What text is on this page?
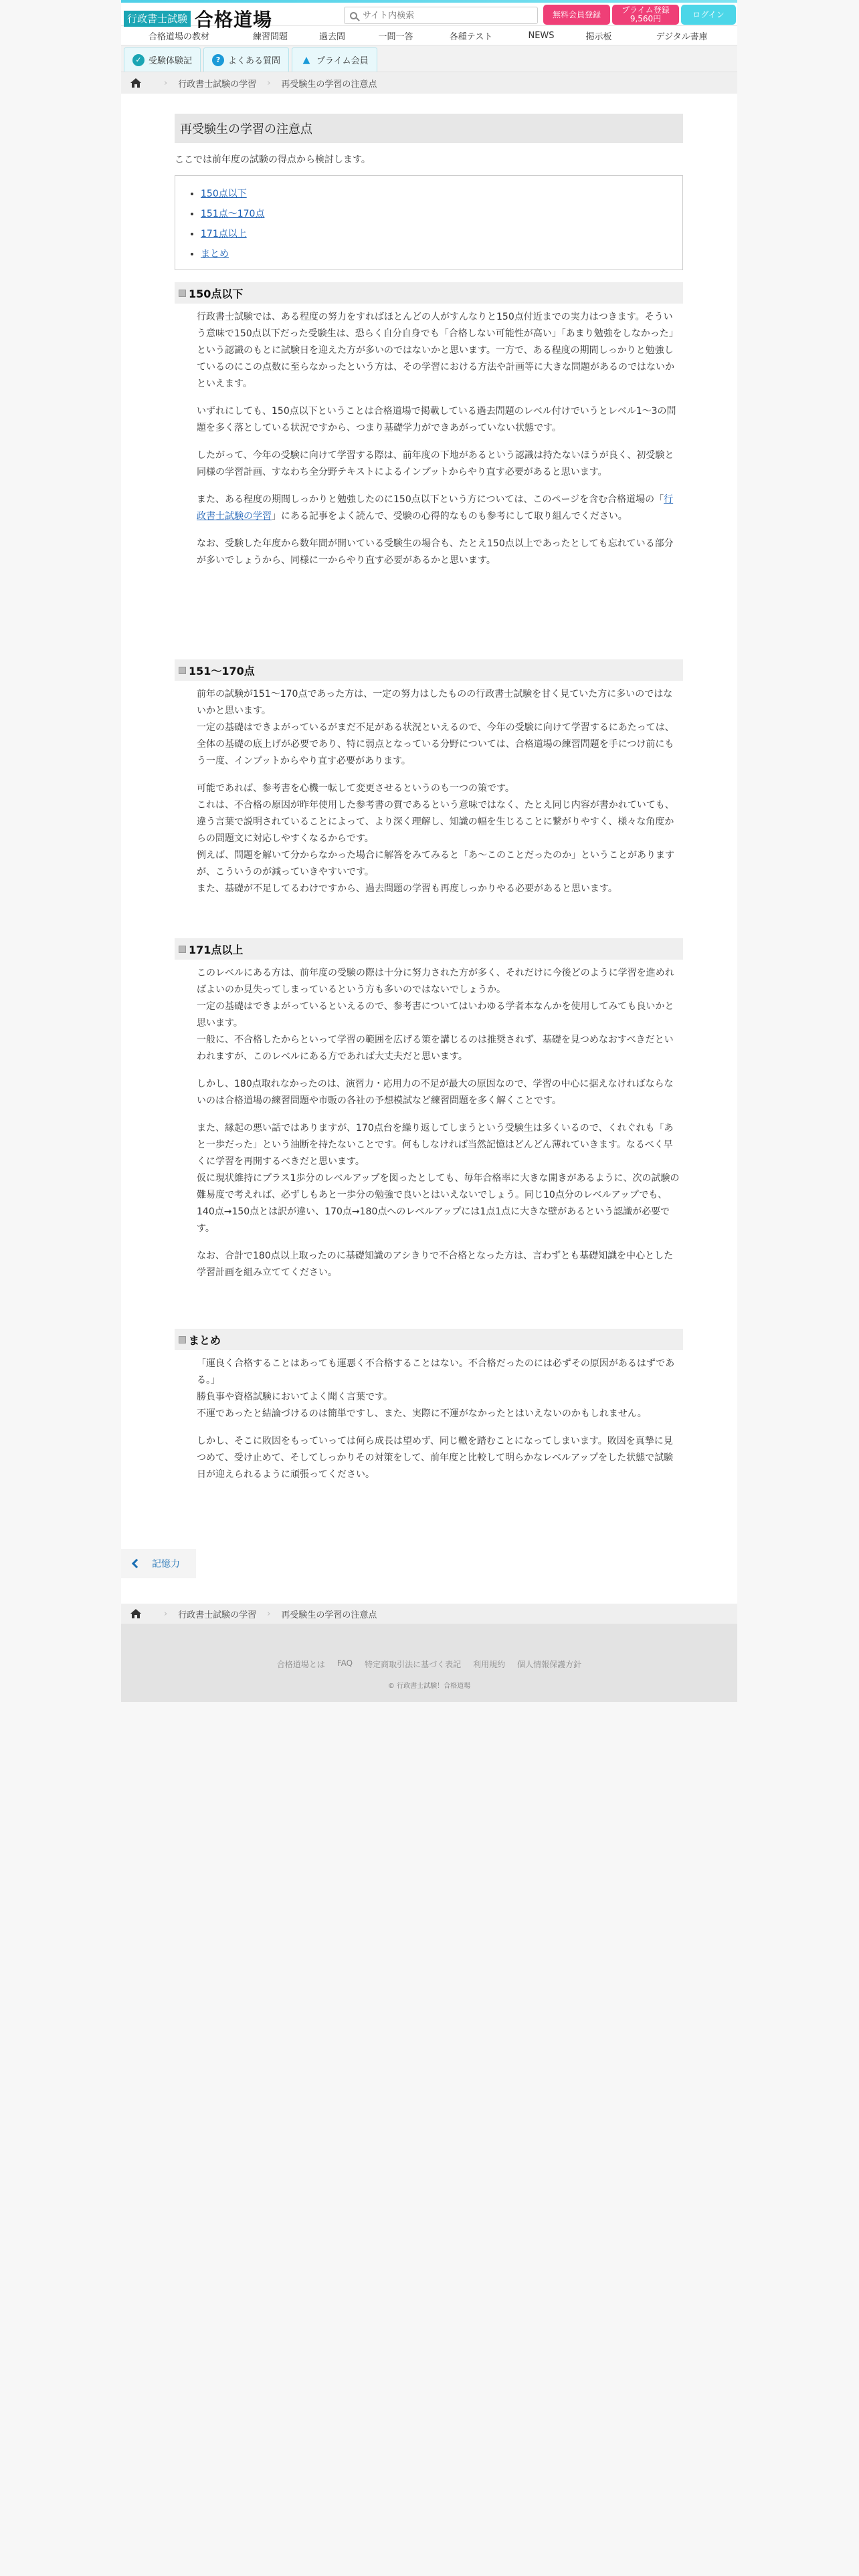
行政書士試験 合格道場
サイト内検索	無料会員登録	プライム登録
9,560円	ログイン
合格道場の教材	練習問題	過去問	一問一答	各種テスト	NEWS	掲示板	デジタル書庫
✓ 受験体験記	? よくある質問 ▲ プライム会員
› 行政書士試験の学習 › 再受験生の学習の注意点
再受験生の学習の注意点
ここでは前年度の試験の得点から検討します。
• 150点以下
• 151点〜170点
• 171点以上
• まとめ
150点以下

行政書士試験では、ある程度の努力をすればほとんどの人がすんなりと150点付近までの実力はつきます。そういう意味で150点以下だった受験生は、恐らく自分自身でも「合格しない可能性が高い」「あまり勉強をしなかった」という認識のもとに試験日を迎えた方が多いのではないかと思います。一方で、ある程度の期間しっかりと勉強しているのにこの点数に至らなかったという方は、その学習における方法や計画等に大きな問題があるのではないかといえます。

いずれにしても、150点以下ということは合格道場で掲載している過去問題のレベル付けでいうとレベル1〜3の問題を多く落としている状況ですから、つまり基礎学力ができあがっていない状態です。

したがって、今年の受験に向けて学習する際は、前年度の下地があるという認識は持たないほうが良く、初受験と同様の学習計画、すなわち全分野テキストによるインプットからやり直す必要があると思います。

また、ある程度の期間しっかりと勉強したのに150点以下という方については、このページを含む合格道場の「行政書士試験の学習」にある記事をよく読んで、受験の心得的なものも参考にして取り組んでください。

なお、受験した年度から数年間が開いている受験生の場合も、たとえ150点以上であったとしても忘れている部分が多いでしょうから、同様に一からやり直す必要があるかと思います。

151〜170点

前年の試験が151〜170点であった方は、一定の努力はしたものの行政書士試験を甘く見ていた方に多いのではないかと思います。

一定の基礎はできよがっているがまだ不足がある状況といえるので、今年の受験に向けて学習するにあたっては、全体の基礎の底上げが必要であり、特に弱点となっている分野については、合格道場の練習問題を手につけ前にもう一度、インプットからやり直す必要があります。

可能であれば、参考書を心機一転して変更させるというのも一つの策です。

これは、不合格の原因が昨年使用した参考書の質であるという意味ではなく、たとえ同じ内容が書かれていても、違う言葉で説明されていることによって、より深く理解し、知識の幅を生じることに繋がりやすく、様々な角度からの問題文に対応しやすくなるからです。

例えば、問題を解いて分からなかった場合に解答をみてみると「あ〜このことだったのか」ということがありますが、こういうのが減っていきやすいです。

また、基礎が不足してるわけですから、過去問題の学習も再度しっかりやる必要があると思います。

171点以上

このレベルにある方は、前年度の受験の際は十分に努力された方が多く、それだけに今後どのように学習を進めればよいのか見失ってしまっているという方も多いのではないでしょうか。

一定の基礎はできよがっているといえるので、参考書についてはいわゆる学者本なんかを使用してみても良いかと思います。

一般に、不合格したからといって学習の範囲を広げる策を講じるのは推奨されず、基礎を見つめなおすべきだといわれますが、このレベルにある方であれば大丈夫だと思います。

しかし、180点取れなかったのは、演習力・応用力の不足が最大の原因なので、学習の中心に据えなければならないのは合格道場の練習問題や市販の各社の予想模試など練習問題を多く解くことです。

また、縁起の悪い話ではありますが、170点台を繰り返してしまうという受験生は多くいるので、くれぐれも「あと一歩だった」という油断を持たないことです。何もしなければ当然記憶はどんどん薄れていきます。なるべく早くに学習を再開するべきだと思います。

仮に現状維持にプラス1歩分のレベルアップを図ったとしても、毎年合格率に大きな開きがあるように、次の試験の難易度で考えれば、必ずしもあと一歩分の勉強で良いとはいえないでしょう。同じ10点分のレベルアップでも、140点→150点とは訳が違い、170点→180点へのレベルアップには1点1点に大きな壁があるという認識が必要です。

なお、合計で180点以上取ったのに基礎知識のアシきりで不合格となった方は、言わずとも基礎知識を中心とした学習計画を組み立ててください。

まとめ

「運良く合格することはあっても運悪く不合格することはない。不合格だったのには必ずその原因があるはずである。」

勝負事や資格試験においてよく聞く言葉です。

不運であったと結論づけるのは簡単ですし、また、実際に不運がなかったとはいえないのかもしれません。

しかし、そこに敗因をもっていっては何ら成長は望めず、同じ轍を踏むことになってしまいます。敗因を真摯に見つめて、受け止めて、そしてしっかりその対策をして、前年度と比較して明らかなレベルアップをした状態で試験日が迎えられるように頑張ってください。

記憶力
› 行政書士試験の学習 › 再受験生の学習の注意点
合格道場とは FAQ 特定商取引法に基づく表記 利用規約 個人情報保護方針
© 行政書士試験！合格道場
